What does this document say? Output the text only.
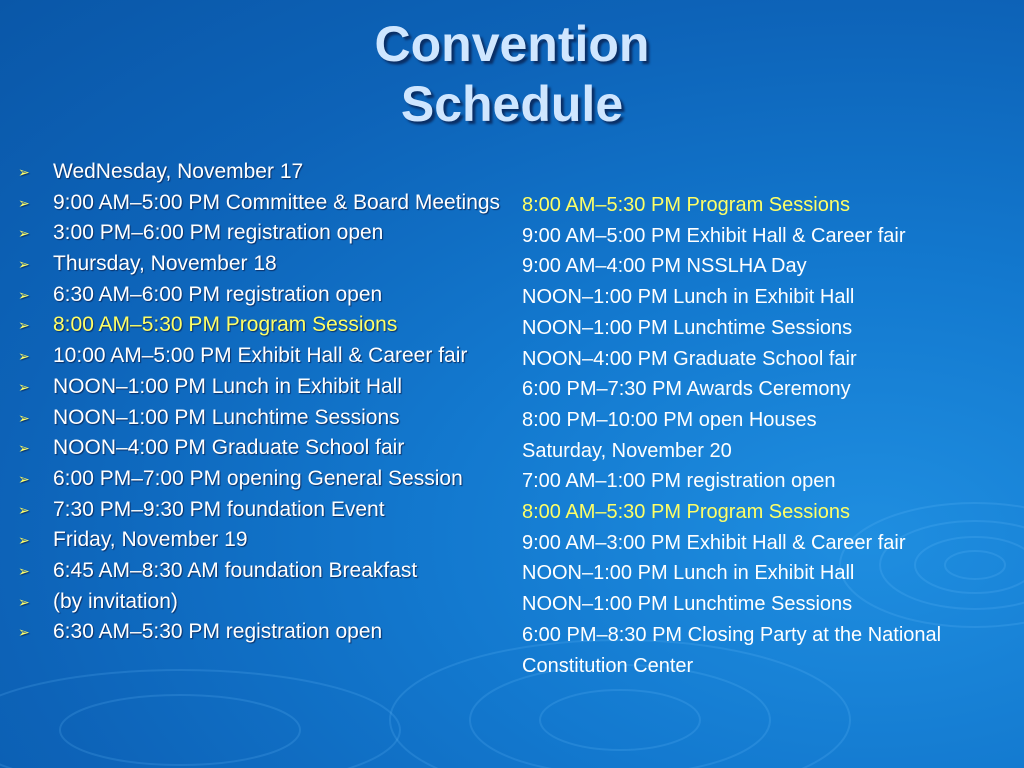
Convention
Schedule
➢	WedNesday, November 17
➢	9:00 AM–5:00 PM Committee & Board Meetings
➢	3:00 PM–6:00 PM registration open
➢	Thursday, November 18
➢	6:30 AM–6:00 PM registration open
➢	8:00 AM–5:30 PM Program Sessions
➢	10:00 AM–5:00 PM Exhibit Hall & Career fair
➢	NOON–1:00 PM Lunch in Exhibit Hall
➢	NOON–1:00 PM Lunchtime Sessions
➢	NOON–4:00 PM Graduate School fair
➢	6:00 PM–7:00 PM opening General Session
➢	7:30 PM–9:30 PM foundation Event
➢	Friday, November 19
➢	6:45 AM–8:30 AM foundation Breakfast
➢	(by invitation)
➢	6:30 AM–5:30 PM registration open
8:00 AM–5:30 PM Program Sessions
9:00 AM–5:00 PM Exhibit Hall & Career fair
9:00 AM–4:00 PM NSSLHA Day
NOON–1:00 PM Lunch in Exhibit Hall
NOON–1:00 PM Lunchtime Sessions
NOON–4:00 PM Graduate School fair
6:00 PM–7:30 PM Awards Ceremony
8:00 PM–10:00 PM open Houses
Saturday, November 20
7:00 AM–1:00 PM registration open
8:00 AM–5:30 PM Program Sessions
9:00 AM–3:00 PM Exhibit Hall & Career fair
NOON–1:00 PM Lunch in Exhibit Hall
NOON–1:00 PM Lunchtime Sessions
6:00 PM–8:30 PM Closing Party at the National Constitution Center
